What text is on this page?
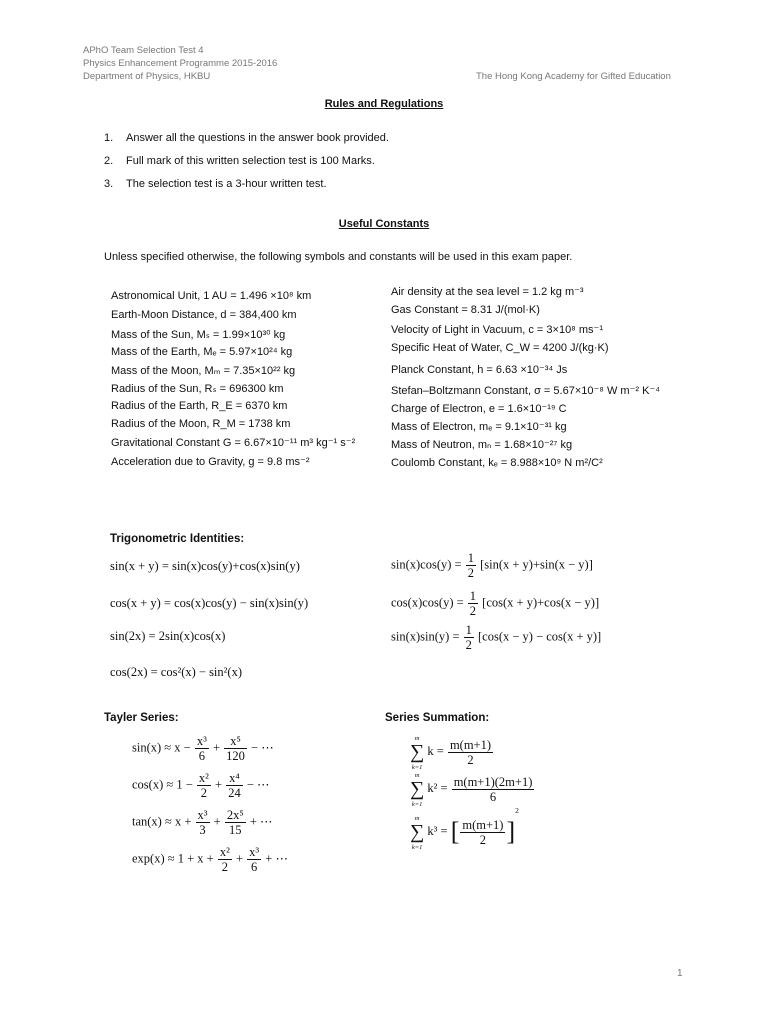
APhO Team Selection Test 4
Physics Enhancement Programme 2015-2016
Department of Physics, HKBU	The Hong Kong Academy for Gifted Education
Rules and Regulations
1. Answer all the questions in the answer book provided.
2. Full mark of this written selection test is 100 Marks.
3. The selection test is a 3-hour written test.
Useful Constants
Unless specified otherwise, the following symbols and constants will be used in this exam paper.
Astronomical Unit, 1 AU = 1.496 ×10⁸ km
Earth-Moon Distance, d = 384,400 km
Mass of the Sun, Mₛ = 1.99×10³⁰ kg
Mass of the Earth, Mₑ = 5.97×10²⁴ kg
Mass of the Moon, Mₘ = 7.35×10²² kg
Radius of the Sun, Rₛ = 696300 km
Radius of the Earth, R_E = 6370 km
Radius of the Moon, R_M = 1738 km
Gravitational Constant G = 6.67×10⁻¹¹ m³ kg⁻¹ s⁻²
Acceleration due to Gravity, g = 9.8 ms⁻²
Air density at the sea level = 1.2 kg m⁻³
Gas Constant = 8.31 J/(mol·K)
Velocity of Light in Vacuum, c = 3×10⁸ ms⁻¹
Specific Heat of Water, C_W = 4200 J/(kg·K)
Planck Constant, h = 6.63 ×10⁻³⁴ Js
Stefan–Boltzmann Constant, σ = 5.67×10⁻⁸ W m⁻² K⁻⁴
Charge of Electron, e = 1.6×10⁻¹⁹ C
Mass of Electron, mₑ = 9.1×10⁻³¹ kg
Mass of Neutron, mₙ = 1.68×10⁻²⁷ kg
Coulomb Constant, kₑ = 8.988×10⁹ N m²/C²
Trigonometric Identities:
sin(x + y) = sin(x)cos(y)+cos(x)sin(y)
cos(x + y) = cos(x)cos(y) − sin(x)sin(y)
sin(2x) = 2sin(x)cos(x)
cos(2x) = cos²(x) − sin²(x)
$\sin(x)\cos(y) = \frac{1}{2} [\sin(x + y)+\sin(x - y)]$
$\cos(x)\cos(y) = \frac{1}{2} [\cos(x + y)+\cos(x - y)]$
$\sin(x)\sin(y) = \frac{1}{2} [\cos(x - y) - \cos(x + y)]$
Tayler Series:
$\sin(x) \approx x - \frac{\text{x³}}{6} + \frac{\text{x⁵}}{120}$ − ⋯
$\cos(x) \approx 1 - \frac{\text{x²}}{2} + \frac{\text{x⁴}}{24}$ − ⋯
$\tan(x) \approx x + \frac{\text{x³}}{3} + \frac{\text{2x⁵}}{15}$ + ⋯
$\exp(x) \approx 1 + x + \frac{\text{x²}}{2} + \frac{\text{x³}}{6}$ + ⋯
Series Summation:
m
∑
k=1 $k = \frac{m(m+1)}{2}$
m
∑
k=1 $k^2 = \frac{m(m+1)(2m+1)}{6}$
m
∑
k=1 k³ = [ $\frac{m(m+1)}{2} ]^2$
1
